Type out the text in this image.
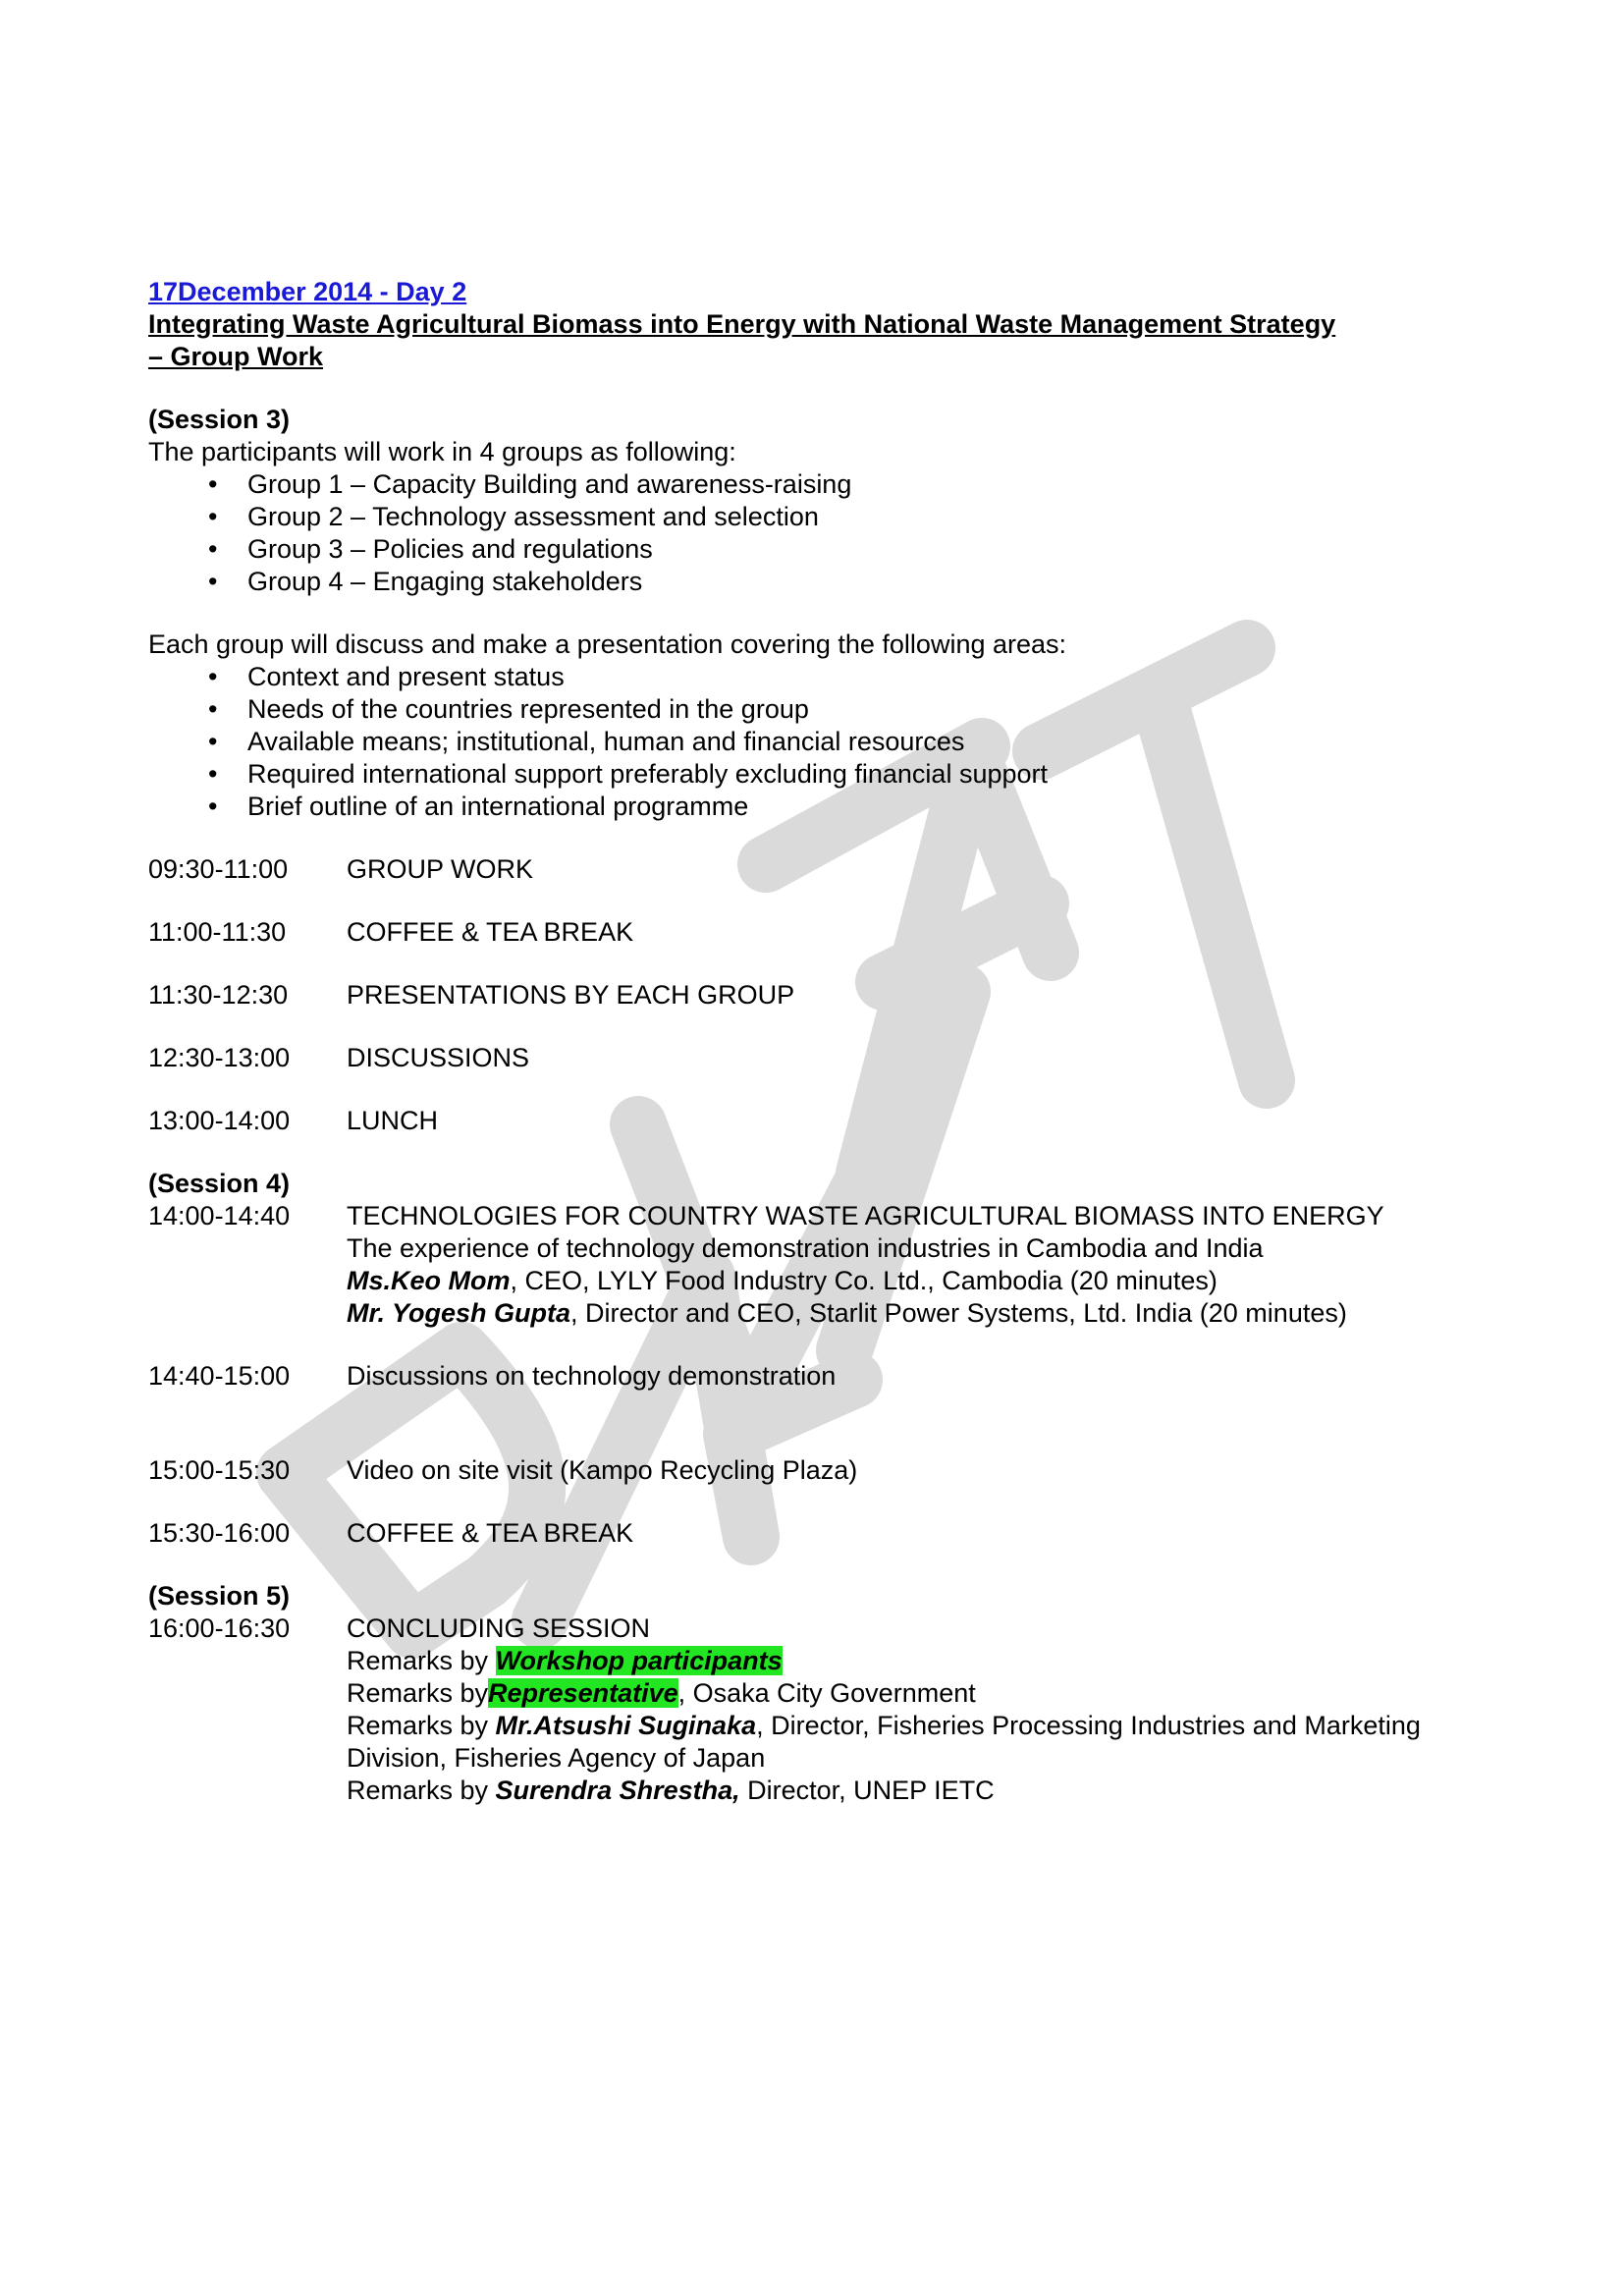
17December 2014 - Day 2
Integrating Waste Agricultural Biomass into Energy with National Waste Management Strategy
– Group Work
(Session 3)
The participants will work in 4 groups as following:
• Group 1 – Capacity Building and awareness-raising
• Group 2 – Technology assessment and selection
• Group 3 – Policies and regulations
• Group 4 – Engaging stakeholders
Each group will discuss and make a presentation covering the following areas:
• Context and present status
• Needs of the countries represented in the group
• Available means; institutional, human and financial resources
• Required international support preferably excluding financial support
• Brief outline of an international programme
09:30-11:00	GROUP WORK
11:00-11:30	COFFEE & TEA BREAK
11:30-12:30	PRESENTATIONS BY EACH GROUP
12:30-13:00	DISCUSSIONS
13:00-14:00	LUNCH
(Session 4)
14:00-14:40	TECHNOLOGIES FOR COUNTRY WASTE AGRICULTURAL BIOMASS INTO ENERGY
The experience of technology demonstration industries in Cambodia and India
Ms.Keo Mom, CEO, LYLY Food Industry Co. Ltd., Cambodia (20 minutes)
Mr. Yogesh Gupta, Director and CEO, Starlit Power Systems, Ltd. India (20 minutes)
14:40-15:00	Discussions on technology demonstration
15:00-15:30	Video on site visit (Kampo Recycling Plaza)
15:30-16:00	COFFEE & TEA BREAK
(Session 5)
16:00-16:30	CONCLUDING SESSION
Remarks by Workshop participants
Remarks byRepresentative, Osaka City Government
Remarks by Mr.Atsushi Suginaka, Director, Fisheries Processing Industries and Marketing
Division, Fisheries Agency of Japan
Remarks by Surendra Shrestha, Director, UNEP IETC
